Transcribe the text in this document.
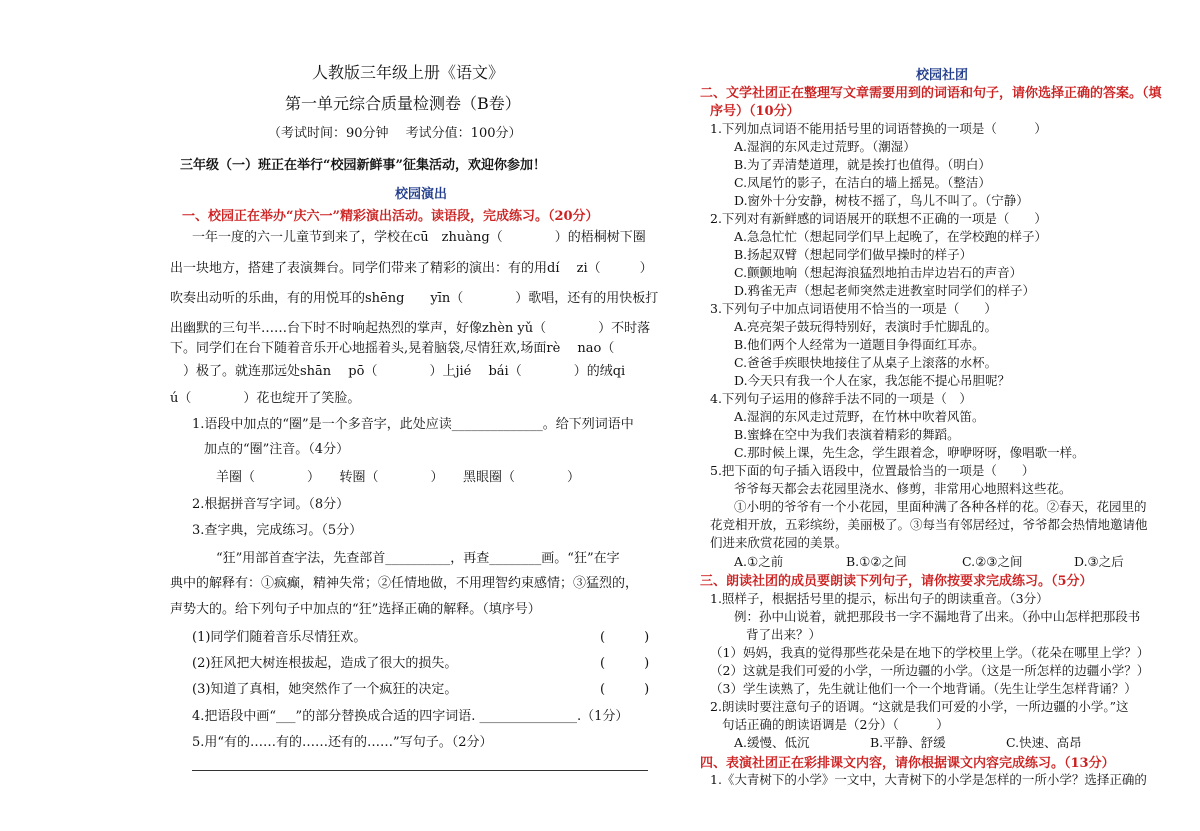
人教版三年级上册《语文》
第一单元综合质量检测卷（B卷）
（考试时间：90分钟　 考试分值：100分）
三年级（一）班正在举行“校园新鲜事”征集活动，欢迎你参加！
校园演出
一、校园正在举办“庆六一”精彩演出活动。读语段，完成练习。（20分）
一年一度的六一儿童节到来了，学校在cū　zhuàng（　　　　）的梧桐树下圈
出一块地方，搭建了表演舞台。同学们带来了精彩的演出：有的用dí　 zi（　　　）
吹奏出动听的乐曲，有的用悦耳的shēng　　yīn（　　　　）歌唱，还有的用快板打
出幽默的三句半……台下时不时响起热烈的掌声，好像zhèn yǔ（　　　　）不时落
下。同学们在台下随着音乐开心地摇着头,晃着脑袋,尽情狂欢,场面rè　 nao（
　）极了。就连那远处shān　 pō（　　　　）上jié　 bái（　　　　）的绒qi
ú（　　　　）花也绽开了笑脸。
1.语段中加点的“圈”是一个多音字，此处应读______________。给下列词语中
加点的“圈”注音。（4分）
羊圈（　　　　）　　转圈（　　　　）　　黑眼圈（　　　　）
2.根据拼音写字词。（8分）
3.查字典，完成练习。（5分）
“狂”用部首查字法，先查部首__________，再查________画。“狂”在字
典中的解释有：①疯癫，精神失常；②任情地做，不用理智约束感情；③猛烈的，
声势大的。给下列句子中加点的“狂”选择正确的解释。（填序号）
(1)同学们随着音乐尽情狂欢。	(　　　)
(2)狂风把大树连根拔起，造成了很大的损失。	(　　　)
(3)知道了真相，她突然作了一个疯狂的决定。	(　　　)
4.把语段中画“___”的部分替换成合适的四字词语. _______________.（1分）
5.用“有的……有的……还有的……”写句子。（2分）
校园社团
二、文学社团正在整理写文章需要用到的词语和句子，请你选择正确的答案。（填
序号）（10分）
1.下列加点词语不能用括号里的词语替换的一项是（　　　）
A.湿润的东风走过荒野。（潮湿）
B.为了弄清楚道理，就是挨打也值得。（明白）
C.凤尾竹的影子，在洁白的墙上摇晃。（整洁）
D.窗外十分安静，树枝不摇了，鸟儿不叫了。（宁静）
2.下列对有新鲜感的词语展开的联想不正确的一项是（　　）
A.急急忙忙（想起同学们早上起晚了，在学校跑的样子）
B.扬起双臂（想起同学们做早操时的样子）
C.颤颤地响（想起海浪猛烈地拍击岸边岩石的声音）
D.鸦雀无声（想起老师突然走进教室时同学们的样子）
3.下列句子中加点词语使用不恰当的一项是（　　）
A.亮亮架子鼓玩得特别好，表演时手忙脚乱的。
B.他们两个人经常为一道题目争得面红耳赤。
C.爸爸手疾眼快地接住了从桌子上滚落的水杯。
D.今天只有我一个人在家，我怎能不提心吊胆呢？
4.下列句子运用的修辞手法不同的一项是（　）
A.湿润的东风走过荒野，在竹林中吹着风笛。
B.蜜蜂在空中为我们表演着精彩的舞蹈。
C.那时候上课，先生念，学生跟着念，咿咿呀呀，像唱歌一样。
5.把下面的句子插入语段中，位置最恰当的一项是（　　）
爷爷每天都会去花园里浇水、修剪，非常用心地照料这些花。
①小明的爷爷有一个小花园，里面种满了各种各样的花。②春天，花园里的
花竞相开放，五彩缤纷，美丽极了。③每当有邻居经过，爷爷都会热情地邀请他
们进来欣赏花园的美景。
A.①之前	B.①②之间	C.②③之间	D.③之后
三、朗读社团的成员要朗读下列句子，请你按要求完成练习。（5分）
1.照样子，根据括号里的提示，标出句子的朗读重音。（3分）
例：孙中山说着，就把那段书一字不漏地背了出来。（孙中山怎样把那段书
背了出来？）
（1）妈妈，我真的觉得那些花朵是在地下的学校里上学。（花朵在哪里上学？）
（2）这就是我们可爱的小学，一所边疆的小学。（这是一所怎样的边疆小学？）
（3）学生读熟了，先生就让他们一个一个地背诵。（先生让学生怎样背诵？）
2.朗读时要注意句子的语调。“这就是我们可爱的小学，一所边疆的小学。”这
句话正确的朗读语调是（2分）（　　　）
A.缓慢、低沉	B.平静、舒缓	C.快速、高昂
四、表演社团正在彩排课文内容，请你根据课文内容完成练习。（13分）
1.《大青树下的小学》一文中，大青树下的小学是怎样的一所小学？选择正确的
